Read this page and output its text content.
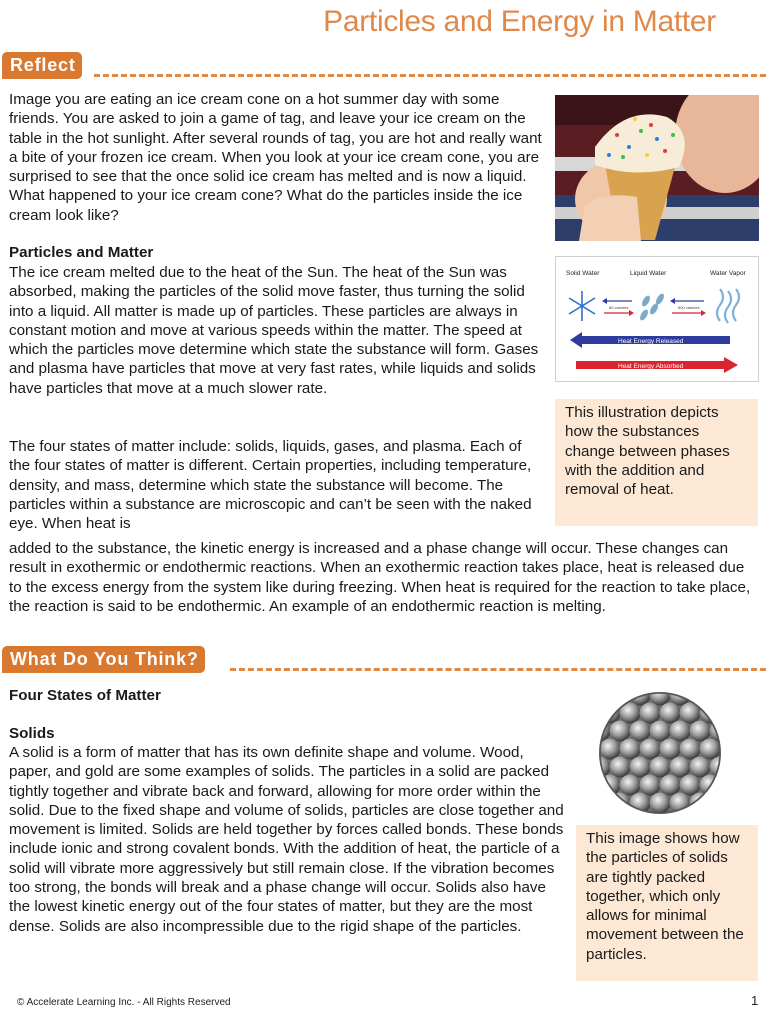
Particles and Energy in Matter
Reflect

Image you are eating an ice cream cone on a hot summer day with some friends. You are asked to join a game of tag, and leave your ice cream on the table in the hot sunlight. After several rounds of tag, you are hot and really want a bite of your frozen ice cream. When you look at your ice cream cone, you are surprised to see that the once solid ice cream has melted and is now a liquid. What happened to your ice cream cone? What do the particles inside the ice cream look like?

Particles and Matter

The ice cream melted due to the heat of the Sun. The heat of the Sun was absorbed, making the particles of the solid move faster, thus turning the solid into a liquid. All matter is made up of particles. These particles are always in constant motion and move at various speeds within the matter. The speed at which the particles move determine which state the substance will form. Gases and plasma have particles that move at very fast rates, while liquids and solids have particles that move at a much slower rate.

Solid Water	Liquid Water	Water Vapor
80 calories	600 calories
Heat Energy Released
Heat Energy Absorbed
This illustration depicts how the substances change between phases with the addition and removal of heat.

The four states of matter include: solids, liquids, gases, and plasma. Each of the four states of matter is different. Certain properties, including temperature, density, and mass, determine which state the substance will become. The particles within a substance are microscopic and can’t be seen with the naked eye. When heat is

added to the substance, the kinetic energy is increased and a phase change will occur. These changes can result in exothermic or endothermic reactions. When an exothermic reaction takes place, heat is released due to the excess energy from the system like during freezing. When heat is required for the reaction to take place, the reaction is said to be endothermic. An example of an endothermic reaction is melting.

What Do You Think?

Four States of Matter

Solids

A solid is a form of matter that has its own definite shape and volume. Wood, paper, and gold are some examples of solids. The particles in a solid are packed tightly together and vibrate back and forward, allowing for more order within the solid. Due to the fixed shape and volume of solids, particles are close together and movement is limited. Solids are held together by forces called bonds. These bonds include ionic and strong covalent bonds. With the addition of heat, the particle of a solid will vibrate more aggressively but still remain close. If the vibration becomes too strong, the bonds will break and a phase change will occur. Solids also have the lowest kinetic energy out of the four states of matter, but they are the most dense. Solids are also incompressible due to the rigid shape of the particles.

This image shows how the particles of solids are tightly packed together, which only allows for minimal movement between the particles.
© Accelerate Learning Inc. - All Rights Reserved	1
